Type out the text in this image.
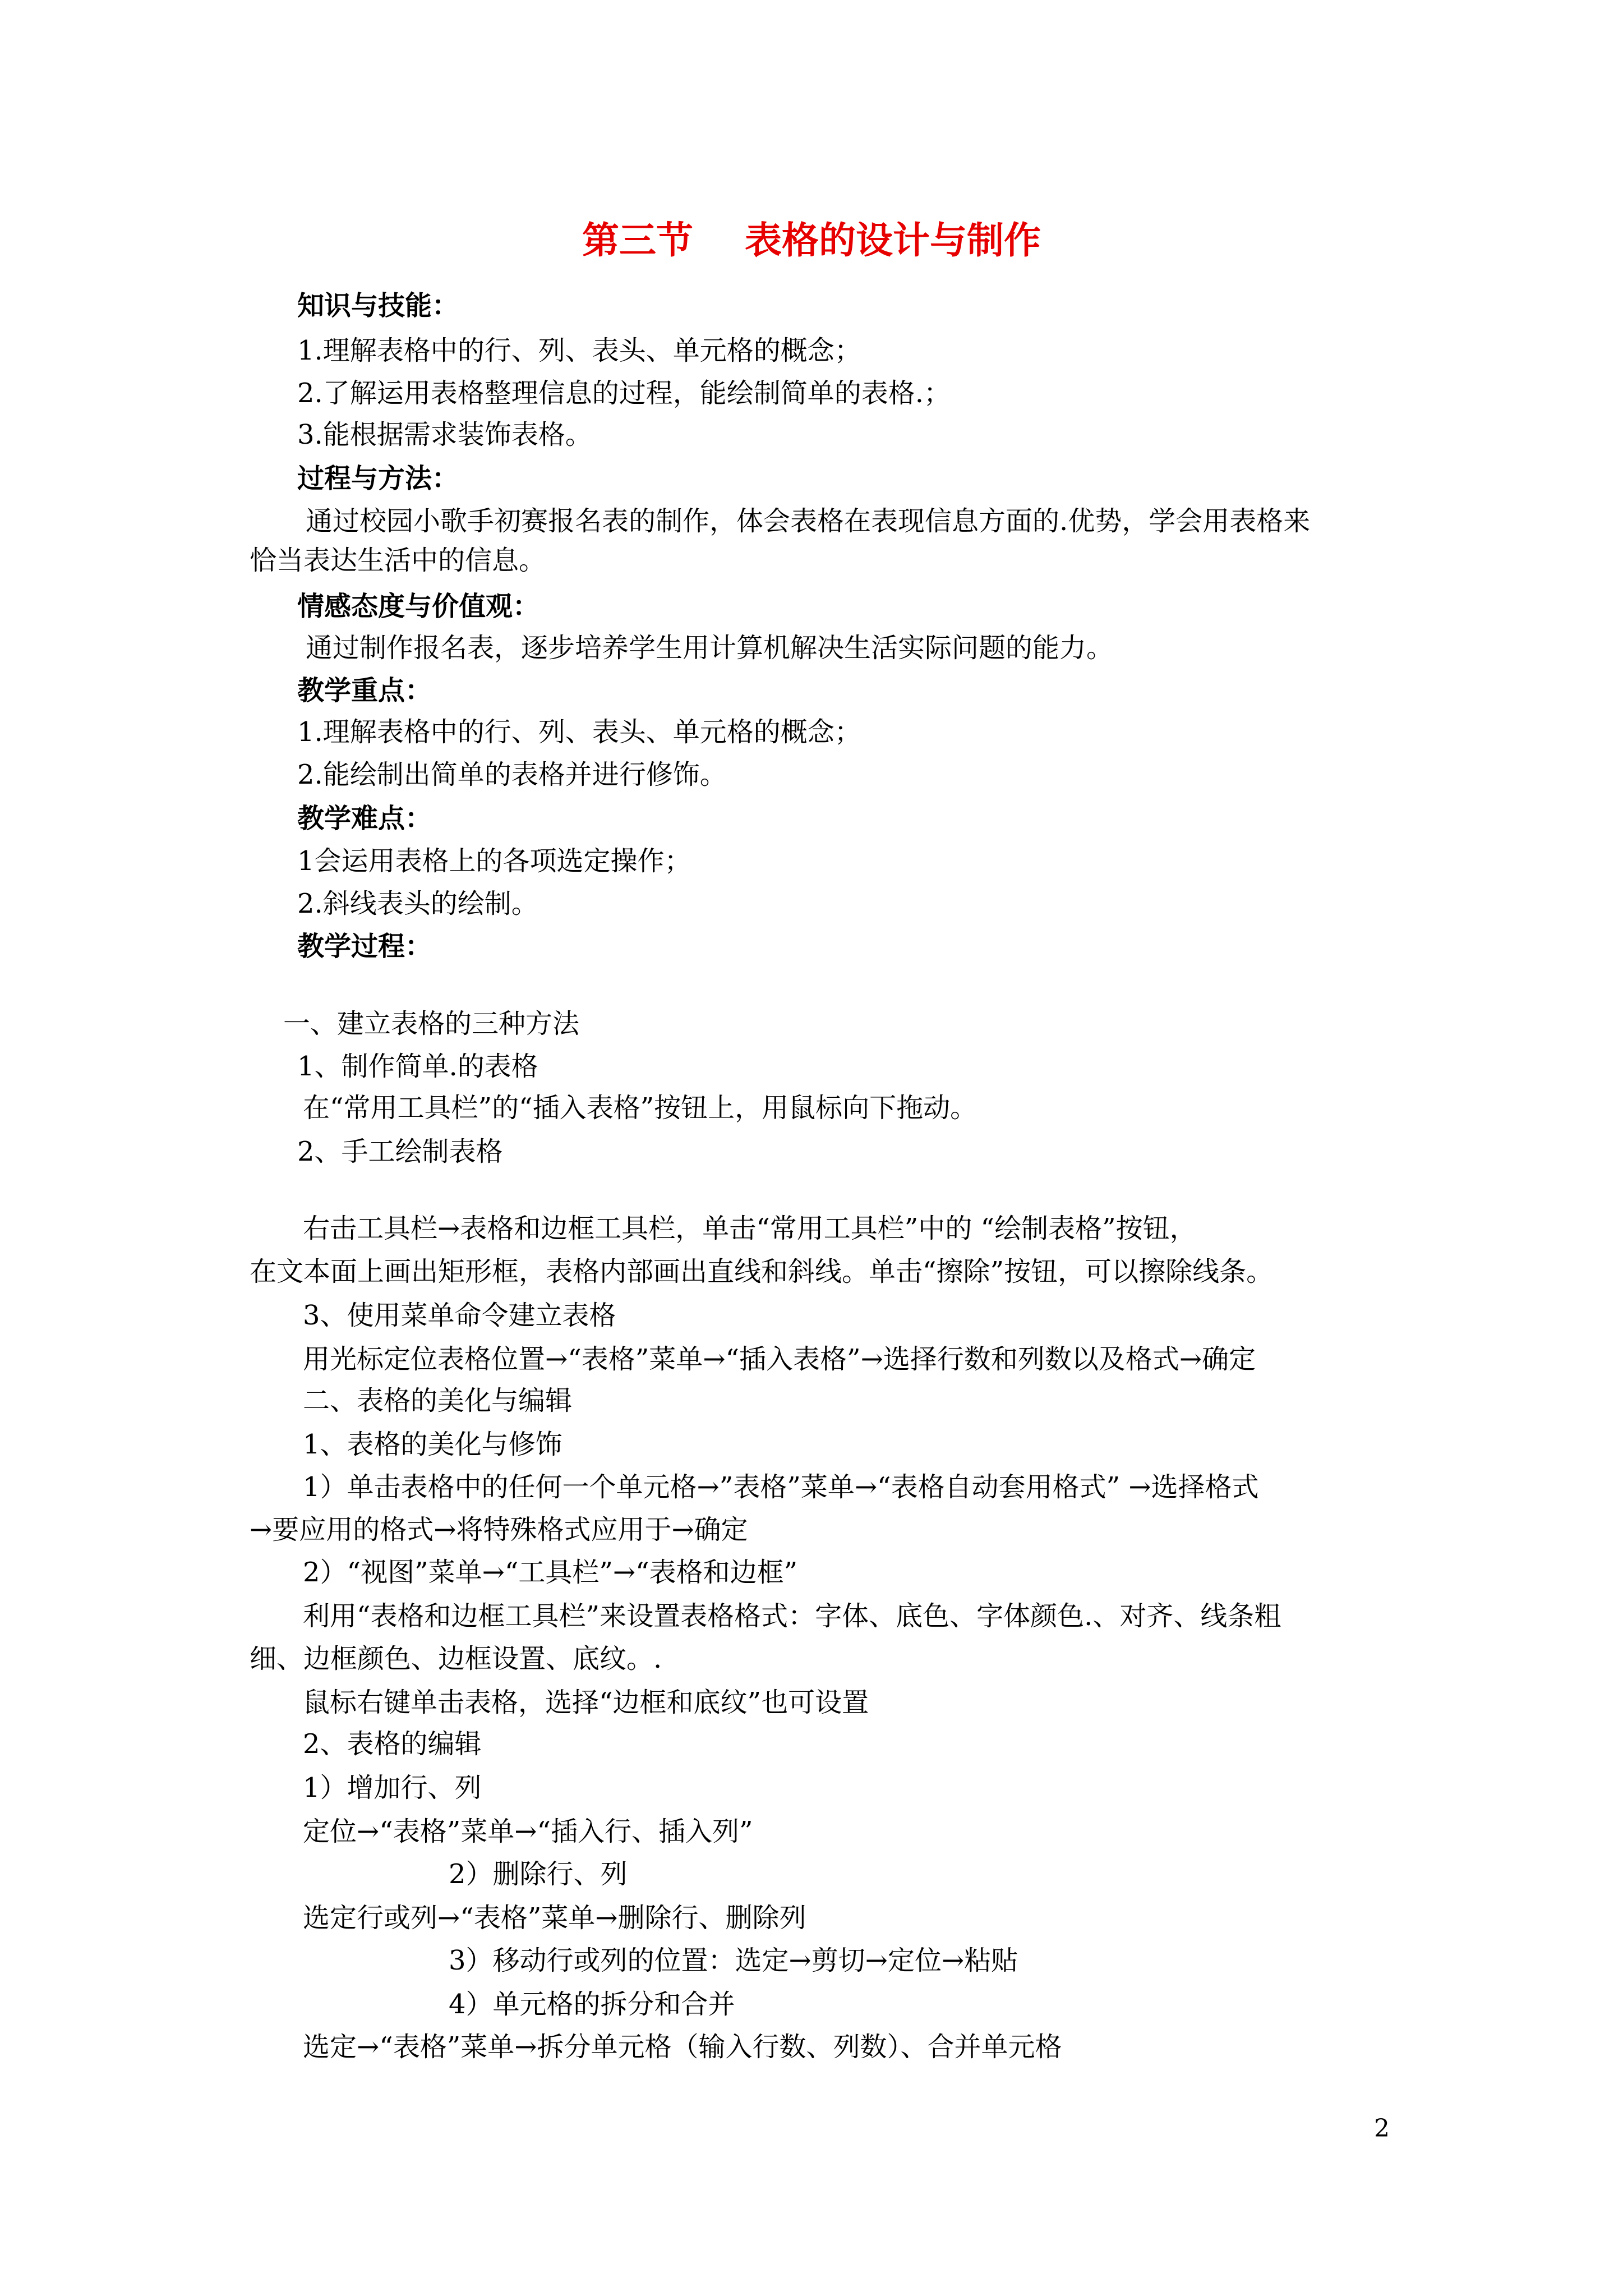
第三节    表格的设计与制作
知识与技能：
1.理解表格中的行、列、表头、单元格的概念；
2.了解运用表格整理信息的过程，能绘制简单的表格.；
3.能根据需求装饰表格。
过程与方法：
通过校园小歌手初赛报名表的制作，体会表格在表现信息方面的.优势，学会用表格来
恰当表达生活中的信息。
情感态度与价值观：
通过制作报名表，逐步培养学生用计算机解决生活实际问题的能力。
教学重点：
1.理解表格中的行、列、表头、单元格的概念；
2.能绘制出简单的表格并进行修饰。
教学难点：
1会运用表格上的各项选定操作；
2.斜线表头的绘制。
教学过程：
一、建立表格的三种方法
1、制作简单.的表格
在“常用工具栏”的“插入表格”按钮上，用鼠标向下拖动。
2、手工绘制表格
右击工具栏→表格和边框工具栏，单击“常用工具栏”中的 “绘制表格”按钮，
在文本面上画出矩形框，表格内部画出直线和斜线。单击“擦除”按钮，可以擦除线条。
3、使用菜单命令建立表格
用光标定位表格位置→“表格”菜单→“插入表格”→选择行数和列数以及格式→确定
二、表格的美化与编辑
1、表格的美化与修饰
1）单击表格中的任何一个单元格→”表格”菜单→“表格自动套用格式” →选择格式
→要应用的格式→将特殊格式应用于→确定
2）“视图”菜单→“工具栏”→“表格和边框”
利用“表格和边框工具栏”来设置表格格式：字体、底色、字体颜色.、对齐、线条粗
细、边框颜色、边框设置、底纹。.
鼠标右键单击表格，选择“边框和底纹”也可设置
2、表格的编辑
1）增加行、列
定位→“表格”菜单→“插入行、插入列”
2）删除行、列
选定行或列→“表格”菜单→删除行、删除列
3）移动行或列的位置：选定→剪切→定位→粘贴
4）单元格的拆分和合并
选定→“表格”菜单→拆分单元格（输入行数、列数）、合并单元格
2
